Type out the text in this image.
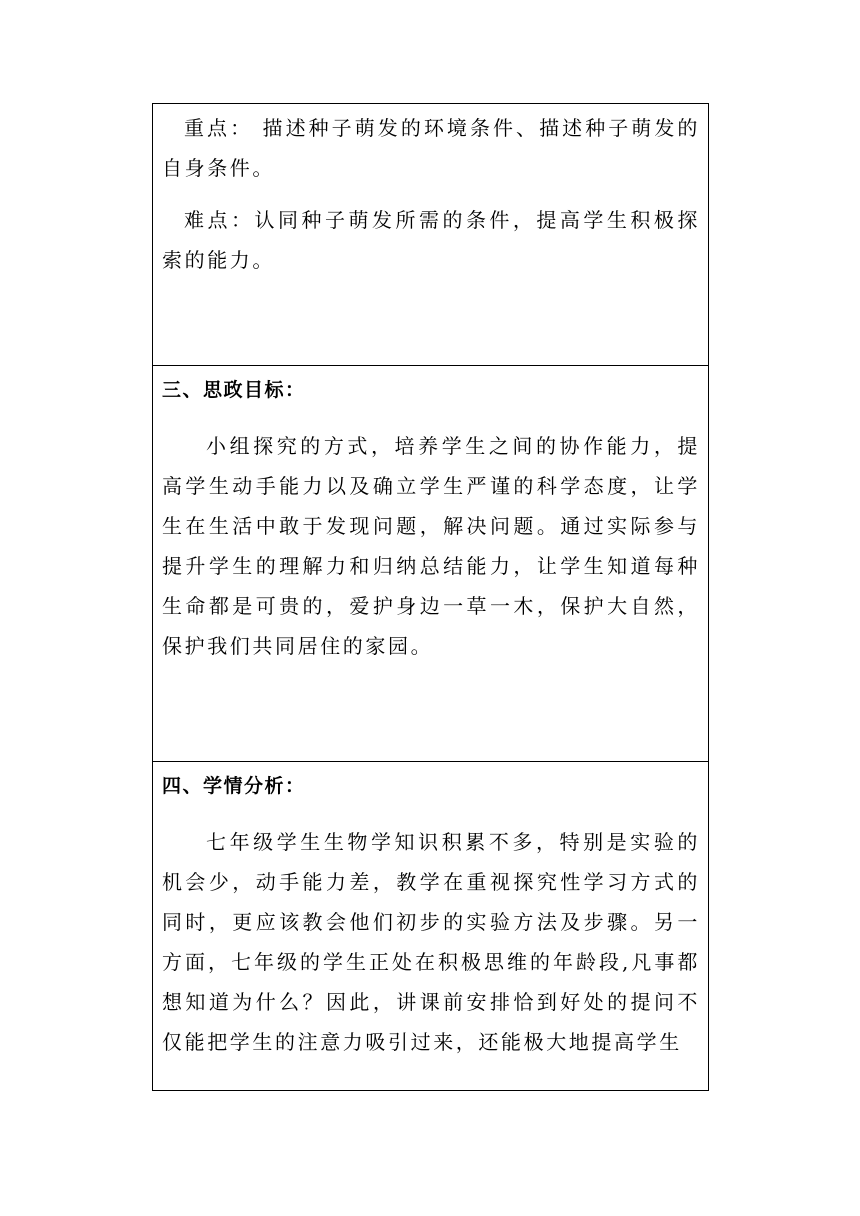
重点： 描述种子萌发的环境条件、描述种子萌发的自身条件。

难点：认同种子萌发所需的条件，提高学生积极探索的能力。

三、思政目标：

小组探究的方式，培养学生之间的协作能力，提高学生动手能力以及确立学生严谨的科学态度，让学生在生活中敢于发现问题，解决问题。通过实际参与提升学生的理解力和归纳总结能力，让学生知道每种生命都是可贵的，爱护身边一草一木，保护大自然，保护我们共同居住的家园。

四、学情分析：

七年级学生生物学知识积累不多，特别是实验的机会少，动手能力差，教学在重视探究性学习方式的同时，更应该教会他们初步的实验方法及步骤。另一方面，七年级的学生正处在积极思维的年龄段,凡事都想知道为什么？因此，讲课前安排恰到好处的提问不仅能把学生的注意力吸引过来，还能极大地提高学生
